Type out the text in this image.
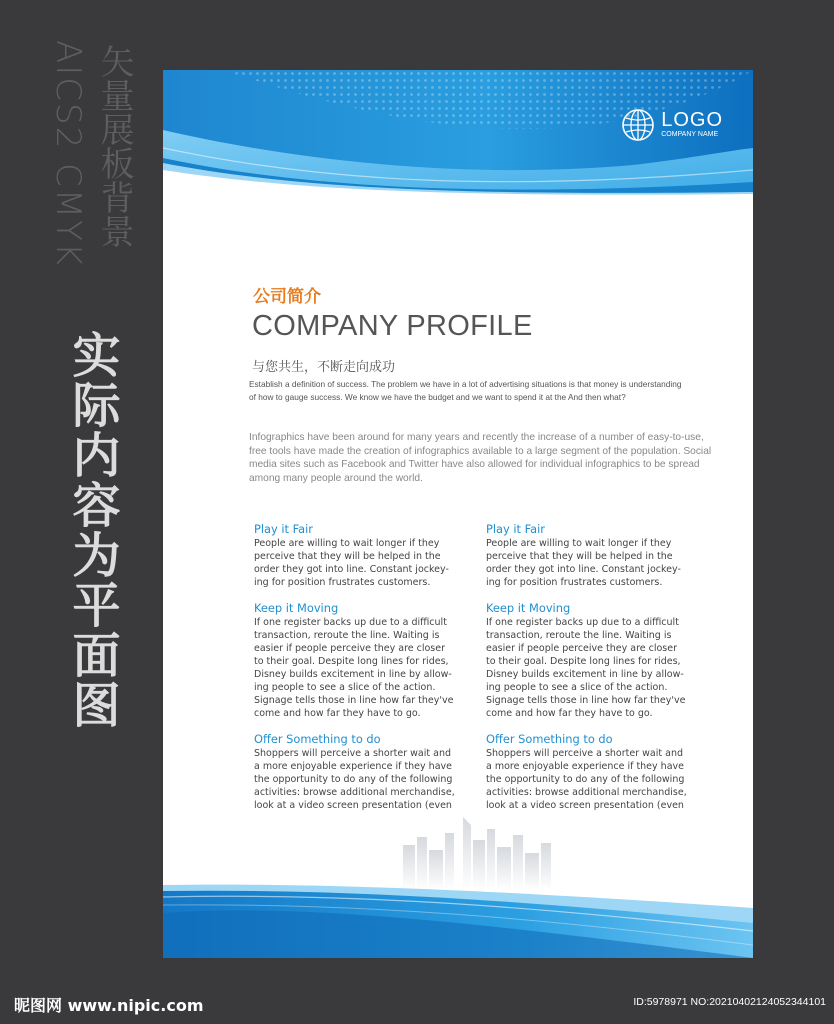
AICS2 CMYK 矢量展板背景
实际内容为平面图
LOGO
COMPANY NAME
公司简介
COMPANY PROFILE
与您共生，不断走向成功
Establish a definition of success. The problem we have in a lot of advertising situations is that money is understanding of how to gauge success. We know we have the budget and we want to spend it at the And then what?
Infographics have been around for many years and recently the increase of a number of easy-to-use, free tools have made the creation of infographics available to a large segment of the population. Social media sites such as Facebook and Twitter have also allowed for individual infographics to be spread among many people around the world.
Play it Fair
People are willing to wait longer if they
perceive that they will be helped in the
order they got into line. Constant jockey-
ing for position frustrates customers.
Keep it Moving
If one register backs up due to a difficult
transaction, reroute the line. Waiting is
easier if people perceive they are closer
to their goal. Despite long lines for rides,
Disney builds excitement in line by allow-
ing people to see a slice of the action.
Signage tells those in line how far they've
come and how far they have to go.
Offer Something to do
Shoppers will perceive a shorter wait and
a more enjoyable experience if they have
the opportunity to do any of the following
activities: browse additional merchandise,
look at a video screen presentation (even
Play it Fair
People are willing to wait longer if they
perceive that they will be helped in the
order they got into line. Constant jockey-
ing for position frustrates customers.
Keep it Moving
If one register backs up due to a difficult
transaction, reroute the line. Waiting is
easier if people perceive they are closer
to their goal. Despite long lines for rides,
Disney builds excitement in line by allow-
ing people to see a slice of the action.
Signage tells those in line how far they've
come and how far they have to go.
Offer Something to do
Shoppers will perceive a shorter wait and
a more enjoyable experience if they have
the opportunity to do any of the following
activities: browse additional merchandise,
look at a video screen presentation (even
昵图网 www.nipic.com	ID:5978971 NO:20210402124052344101
